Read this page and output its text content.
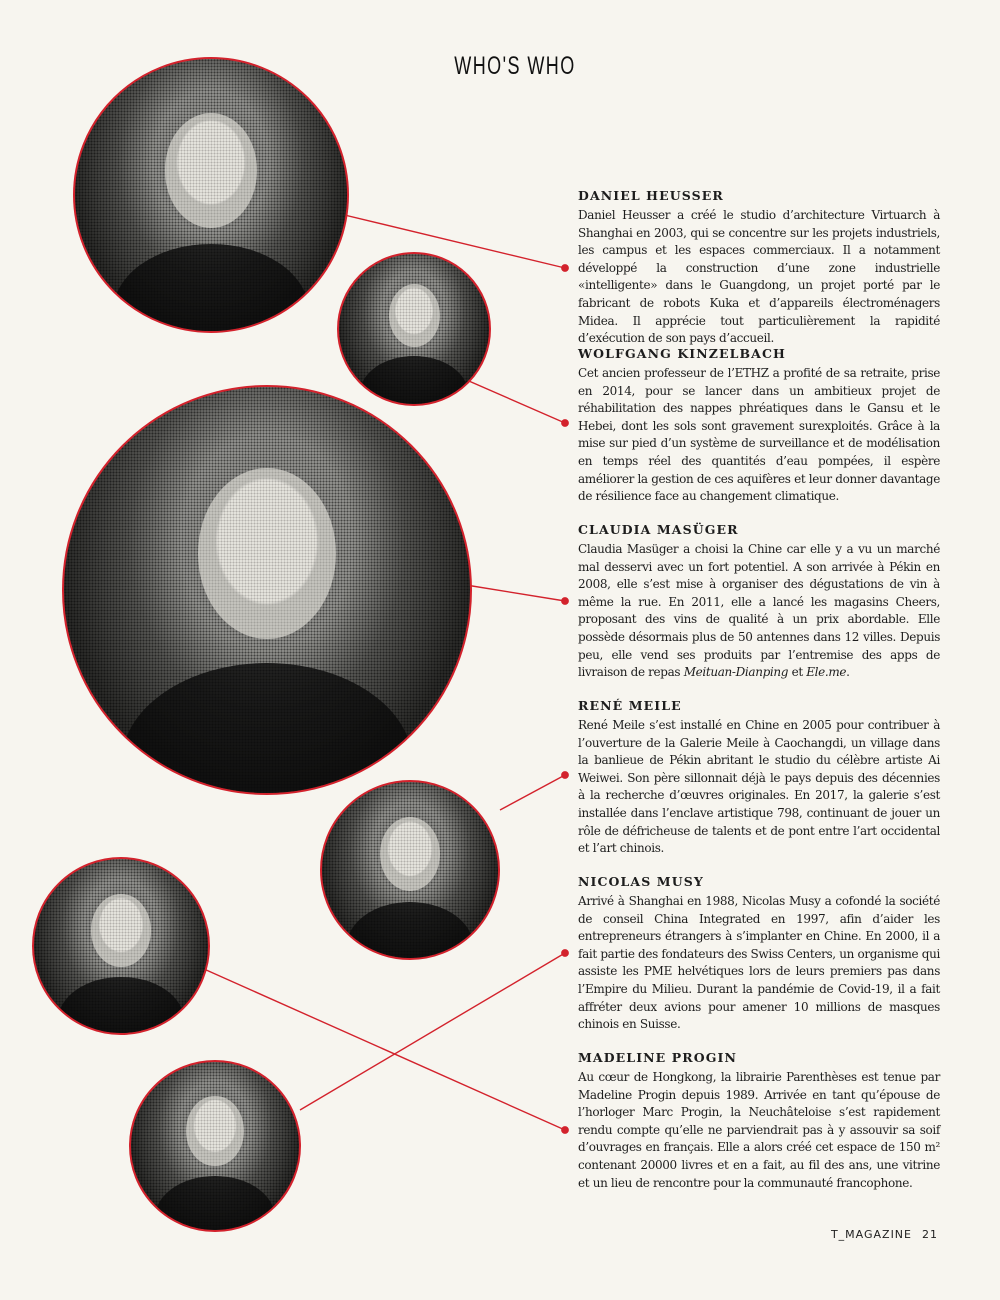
WHO'S WHO

DANIEL HEUSSER

Daniel Heusser a créé le studio d’architecture Virtuarch à Shanghai en 2003, qui se concentre sur les projets industriels, les campus et les espaces commerciaux. Il a notamment développé la construction d’une zone industrielle «intelligente» dans le Guangdong, un projet porté par le fabricant de robots Kuka et d’appareils électroménagers Midea. Il apprécie tout particulièrement la rapidité d’exécution de son pays d’accueil.

WOLFGANG KINZELBACH

Cet ancien professeur de l’ETHZ a profité de sa retraite, prise en 2014, pour se lancer dans un ambitieux projet de réhabilitation des nappes phréatiques dans le Gansu et le Hebei, dont les sols sont gravement surexploités. Grâce à la mise sur pied d’un système de surveillance et de modélisation en temps réel des quantités d’eau pompées, il espère améliorer la gestion de ces aquifères et leur donner davantage de résilience face au changement climatique.

CLAUDIA MASÜGER

Claudia Masüger a choisi la Chine car elle y a vu un marché mal desservi avec un fort potentiel. A son arrivée à Pékin en 2008, elle s’est mise à organiser des dégustations de vin à même la rue. En 2011, elle a lancé les magasins Cheers, proposant des vins de qualité à un prix abordable. Elle possède désormais plus de 50 antennes dans 12 villes. Depuis peu, elle vend ses produits par l’entremise des apps de livraison de repas Meituan-Dianping et Ele.me.

RENÉ MEILE

René Meile s’est installé en Chine en 2005 pour contribuer à l’ouverture de la Galerie Meile à Caochangdi, un village dans la banlieue de Pékin abritant le studio du célèbre artiste Ai Weiwei. Son père sillonnait déjà le pays depuis des décennies à la recherche d’œuvres originales. En 2017, la galerie s’est installée dans l’enclave artistique 798, continuant de jouer un rôle de défricheuse de talents et de pont entre l’art occidental et l’art chinois.

NICOLAS MUSY

Arrivé à Shanghai en 1988, Nicolas Musy a cofondé la société de conseil China Integrated en 1997, afin d’aider les entrepreneurs étrangers à s’implanter en Chine. En 2000, il a fait partie des fondateurs des Swiss Centers, un organisme qui assiste les PME helvétiques lors de leurs premiers pas dans l’Empire du Milieu. Durant la pandémie de Covid-19, il a fait affréter deux avions pour amener 10 millions de masques chinois en Suisse.

MADELINE PROGIN

Au cœur de Hongkong, la librairie Parenthèses est tenue par Madeline Progin depuis 1989. Arrivée en tant qu’épouse de l’horloger Marc Progin, la Neuchâteloise s’est rapidement rendu compte qu’elle ne parviendrait pas à y assouvir sa soif d’ouvrages en français. Elle a alors créé cet espace de 150 m² contenant 20000 livres et en a fait, au fil des ans, une vitrine et un lieu de rencontre pour la communauté francophone.

T_MAGAZINE 21
